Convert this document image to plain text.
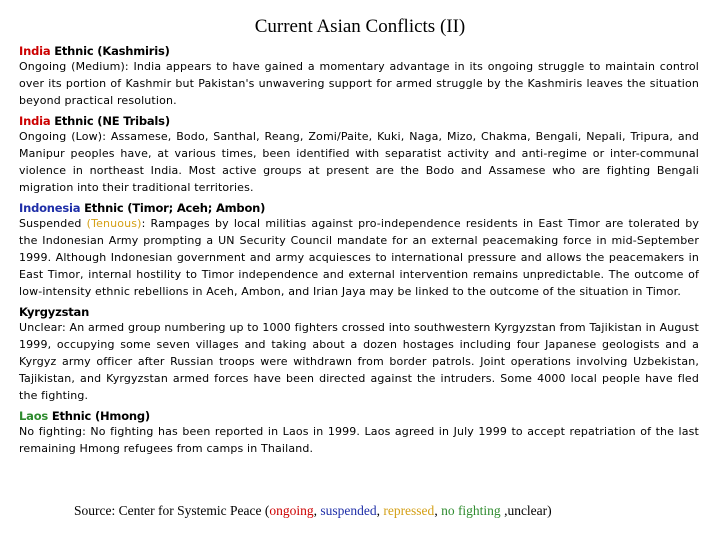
Current Asian Conflicts (II)
India Ethnic (Kashmiris)
Ongoing (Medium): India appears to have gained a momentary advantage in its ongoing struggle to maintain control over its portion of Kashmir but Pakistan's unwavering support for armed struggle by the Kashmiris leaves the situation beyond practical resolution.
India Ethnic (NE Tribals)
Ongoing (Low): Assamese, Bodo, Santhal, Reang, Zomi/Paite, Kuki, Naga, Mizo, Chakma, Bengali, Nepali, Tripura, and Manipur peoples have, at various times, been identified with separatist activity and anti-regime or inter-communal violence in northeast India. Most active groups at present are the Bodo and Assamese who are fighting Bengali migration into their traditional territories.
Indonesia Ethnic (Timor; Aceh; Ambon)
Suspended (Tenuous): Rampages by local militias against pro-independence residents in East Timor are tolerated by the Indonesian Army prompting a UN Security Council mandate for an external peacemaking force in mid-September 1999. Although Indonesian government and army acquiesces to international pressure and allows the peacemakers in East Timor, internal hostility to Timor independence and external intervention remains unpredictable. The outcome of low-intensity ethnic rebellions in Aceh, Ambon, and Irian Jaya may be linked to the outcome of the situation in Timor.
Kyrgyzstan
Unclear: An armed group numbering up to 1000 fighters crossed into southwestern Kyrgyzstan from Tajikistan in August 1999, occupying some seven villages and taking about a dozen hostages including four Japanese geologists and a Kyrgyz army officer after Russian troops were withdrawn from border patrols. Joint operations involving Uzbekistan, Tajikistan, and Kyrgyzstan armed forces have been directed against the intruders. Some 4000 local people have fled the fighting.
Laos Ethnic (Hmong)
No fighting: No fighting has been reported in Laos in 1999. Laos agreed in July 1999 to accept repatriation of the last remaining Hmong refugees from camps in Thailand.
Source: Center for Systemic Peace (ongoing, suspended, repressed, no fighting ,unclear)
